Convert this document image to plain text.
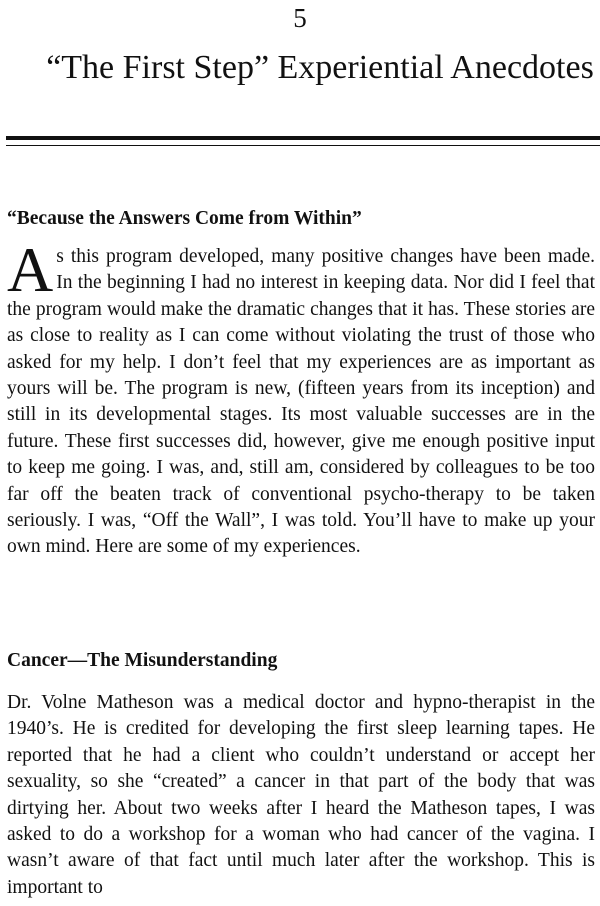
5
“The First Step” Experiential Anecdotes
“Because the Answers Come from Within”

As this program developed, many positive changes have been made. In the beginning I had no interest in keeping data. Nor did I feel that the program would make the dramatic changes that it has. These stories are as close to reality as I can come without violating the trust of those who asked for my help. I don’t feel that my experiences are as important as yours will be. The program is new, (fifteen years from its inception) and still in its developmental stages. Its most valuable successes are in the future. These first successes did, however, give me enough positive input to keep me going. I was, and, still am, considered by colleagues to be too far off the beaten track of conventional psycho-therapy to be taken seriously. I was, “Off the Wall”, I was told. You’ll have to make up your own mind. Here are some of my experiences.

Cancer—The Misunderstanding

Dr. Volne Matheson was a medical doctor and hypno-therapist in the 1940’s. He is credited for developing the first sleep learning tapes. He reported that he had a client who couldn’t understand or accept her sexuality, so she “created” a cancer in that part of the body that was dirtying her. About two weeks after I heard the Matheson tapes, I was asked to do a workshop for a woman who had cancer of the vagina. I wasn’t aware of that fact until much later after the workshop. This is important to
